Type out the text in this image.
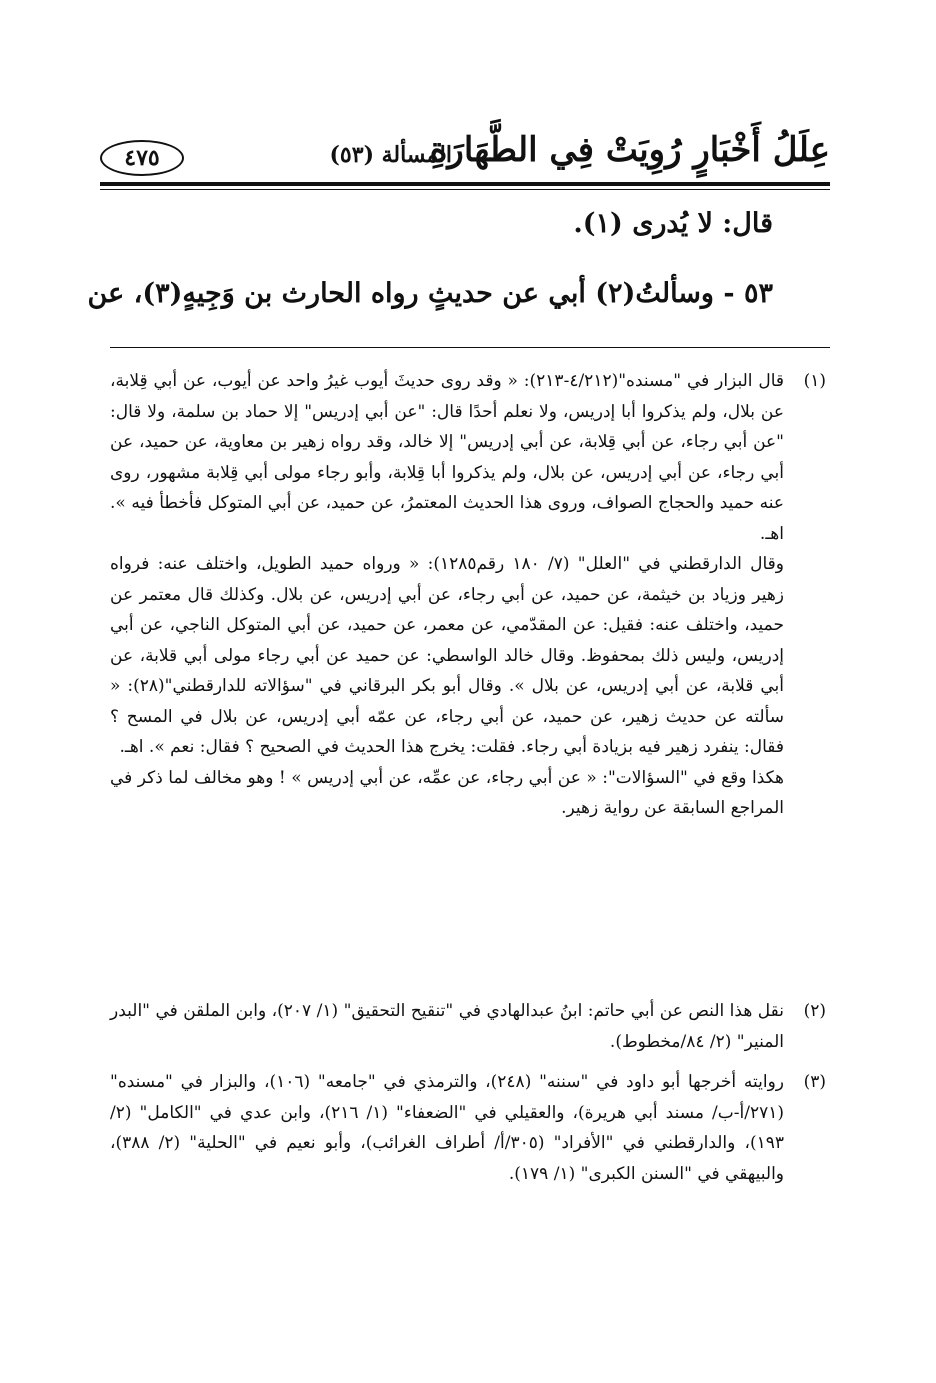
عِلَلُ أَخْبَارٍ رُوِيَتْ فِي الطَّهَارَةِ
المسألة (٥٣)
٤٧٥
قال: لا يُدرى (١).
٥٣ - وسألتُ(٢) أبي عن حديثٍ رواه الحارث بن وَجِيهٍ(٣)، عن
(١)
قال البزار في "مسنده"(٤/٢١٢-٢١٣): « وقد روى حديثَ أيوب غيرُ واحد عن أيوب، عن أبي قِلابة، عن بلال، ولم يذكروا أبا إدريس، ولا نعلم أحدًا قال: "عن أبي إدريس" إلا حماد بن سلمة، ولا قال: "عن أبي رجاء، عن أبي قِلابة، عن أبي إدريس" إلا خالد، وقد رواه زهير بن معاوية، عن حميد، عن أبي رجاء، عن أبي إدريس، عن بلال، ولم يذكروا أبا قِلابة، وأبو رجاء مولى أبي قِلابة مشهور، روى عنه حميد والحجاج الصواف، وروى هذا الحديث المعتمرُ، عن حميد، عن أبي المتوكل فأخطأ فيه ». اهـ.
وقال الدارقطني في "العلل" (٧/ ١٨٠ رقم١٢٨٥): « ورواه حميد الطويل، واختلف عنه: فرواه زهير وزياد بن خيثمة، عن حميد، عن أبي رجاء، عن أبي إدريس، عن بلال. وكذلك قال معتمر عن حميد، واختلف عنه: فقيل: عن المقدّمي، عن معمر، عن حميد، عن أبي المتوكل الناجي، عن أبي إدريس، وليس ذلك بمحفوظ. وقال خالد الواسطي: عن حميد عن أبي رجاء مولى أبي قلابة، عن أبي قلابة، عن أبي إدريس، عن بلال ». وقال أبو بكر البرقاني في "سؤالاته للدارقطني"(٢٨): « سألته عن حديث زهير، عن حميد، عن أبي رجاء، عن عمّه أبي إدريس، عن بلال في المسح ؟ فقال: ينفرد زهير فيه بزيادة أبي رجاء. فقلت: يخرج هذا الحديث في الصحيح ؟ فقال: نعم ». اهـ.
هكذا وقع في "السؤالات": « عن أبي رجاء، عن عمِّه، عن أبي إدريس » ! وهو مخالف لما ذكر في المراجع السابقة عن رواية زهير.
(٢)
نقل هذا النص عن أبي حاتم: ابنُ عبدالهادي في "تنقيح التحقيق" (١/ ٢٠٧)، وابن الملقن في "البدر المنير" (٢/ ٨٤/مخطوط).
(٣)
روايته أخرجها أبو داود في "سننه" (٢٤٨)، والترمذي في "جامعه" (١٠٦)، والبزار في "مسنده" (٢٧١/أ-ب/ مسند أبي هريرة)، والعقيلي في "الضعفاء" (١/ ٢١٦)، وابن عدي في "الكامل" (٢/ ١٩٣)، والدارقطني في "الأفراد" (٣٠٥/أ/ أطراف الغرائب)، وأبو نعيم في "الحلية" (٢/ ٣٨٨)، والبيهقي في "السنن الكبرى" (١/ ١٧٩).
